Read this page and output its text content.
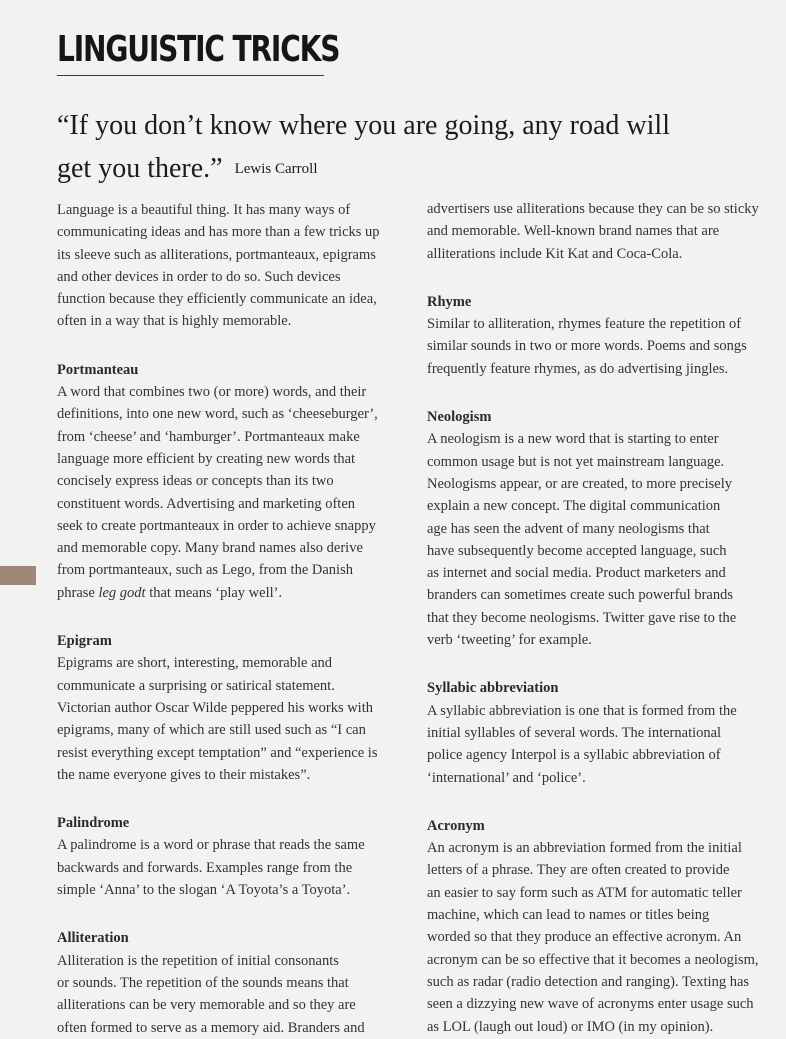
LINGUISTIC TRICKS
“If you don’t know where you are going, any road will
get you there.” Lewis Carroll
Language is a beautiful thing. It has many ways of
communicating ideas and has more than a few tricks up
its sleeve such as alliterations, portmanteaux, epigrams
and other devices in order to do so. Such devices
function because they efficiently communicate an idea,
often in a way that is highly memorable.
Portmanteau
A word that combines two (or more) words, and their
definitions, into one new word, such as ‘cheeseburger’,
from ‘cheese’ and ‘hamburger’. Portmanteaux make
language more efficient by creating new words that
concisely express ideas or concepts than its two
constituent words. Advertising and marketing often
seek to create portmanteaux in order to achieve snappy
and memorable copy. Many brand names also derive
from portmanteaux, such as Lego, from the Danish
phrase leg godt that means ‘play well’.
Epigram
Epigrams are short, interesting, memorable and
communicate a surprising or satirical statement.
Victorian author Oscar Wilde peppered his works with
epigrams, many of which are still used such as “I can
resist everything except temptation” and “experience is
the name everyone gives to their mistakes”.
Palindrome
A palindrome is a word or phrase that reads the same
backwards and forwards. Examples range from the
simple ‘Anna’ to the slogan ‘A Toyota’s a Toyota’.
Alliteration
Alliteration is the repetition of initial consonants
or sounds. The repetition of the sounds means that
alliterations can be very memorable and so they are
often formed to serve as a memory aid. Branders and
advertisers use alliterations because they can be so sticky
and memorable. Well-known brand names that are
alliterations include Kit Kat and Coca-Cola.
Rhyme
Similar to alliteration, rhymes feature the repetition of
similar sounds in two or more words. Poems and songs
frequently feature rhymes, as do advertising jingles.
Neologism
A neologism is a new word that is starting to enter
common usage but is not yet mainstream language.
Neologisms appear, or are created, to more precisely
explain a new concept. The digital communication
age has seen the advent of many neologisms that
have subsequently become accepted language, such
as internet and social media. Product marketers and
branders can sometimes create such powerful brands
that they become neologisms. Twitter gave rise to the
verb ‘tweeting’ for example.
Syllabic abbreviation
A syllabic abbreviation is one that is formed from the
initial syllables of several words. The international
police agency Interpol is a syllabic abbreviation of
‘international’ and ‘police’.
Acronym
An acronym is an abbreviation formed from the initial
letters of a phrase. They are often created to provide
an easier to say form such as ATM for automatic teller
machine, which can lead to names or titles being
worded so that they produce an effective acronym. An
acronym can be so effective that it becomes a neologism,
such as radar (radio detection and ranging). Texting has
seen a dizzying new wave of acronyms enter usage such
as LOL (laugh out loud) or IMO (in my opinion).
